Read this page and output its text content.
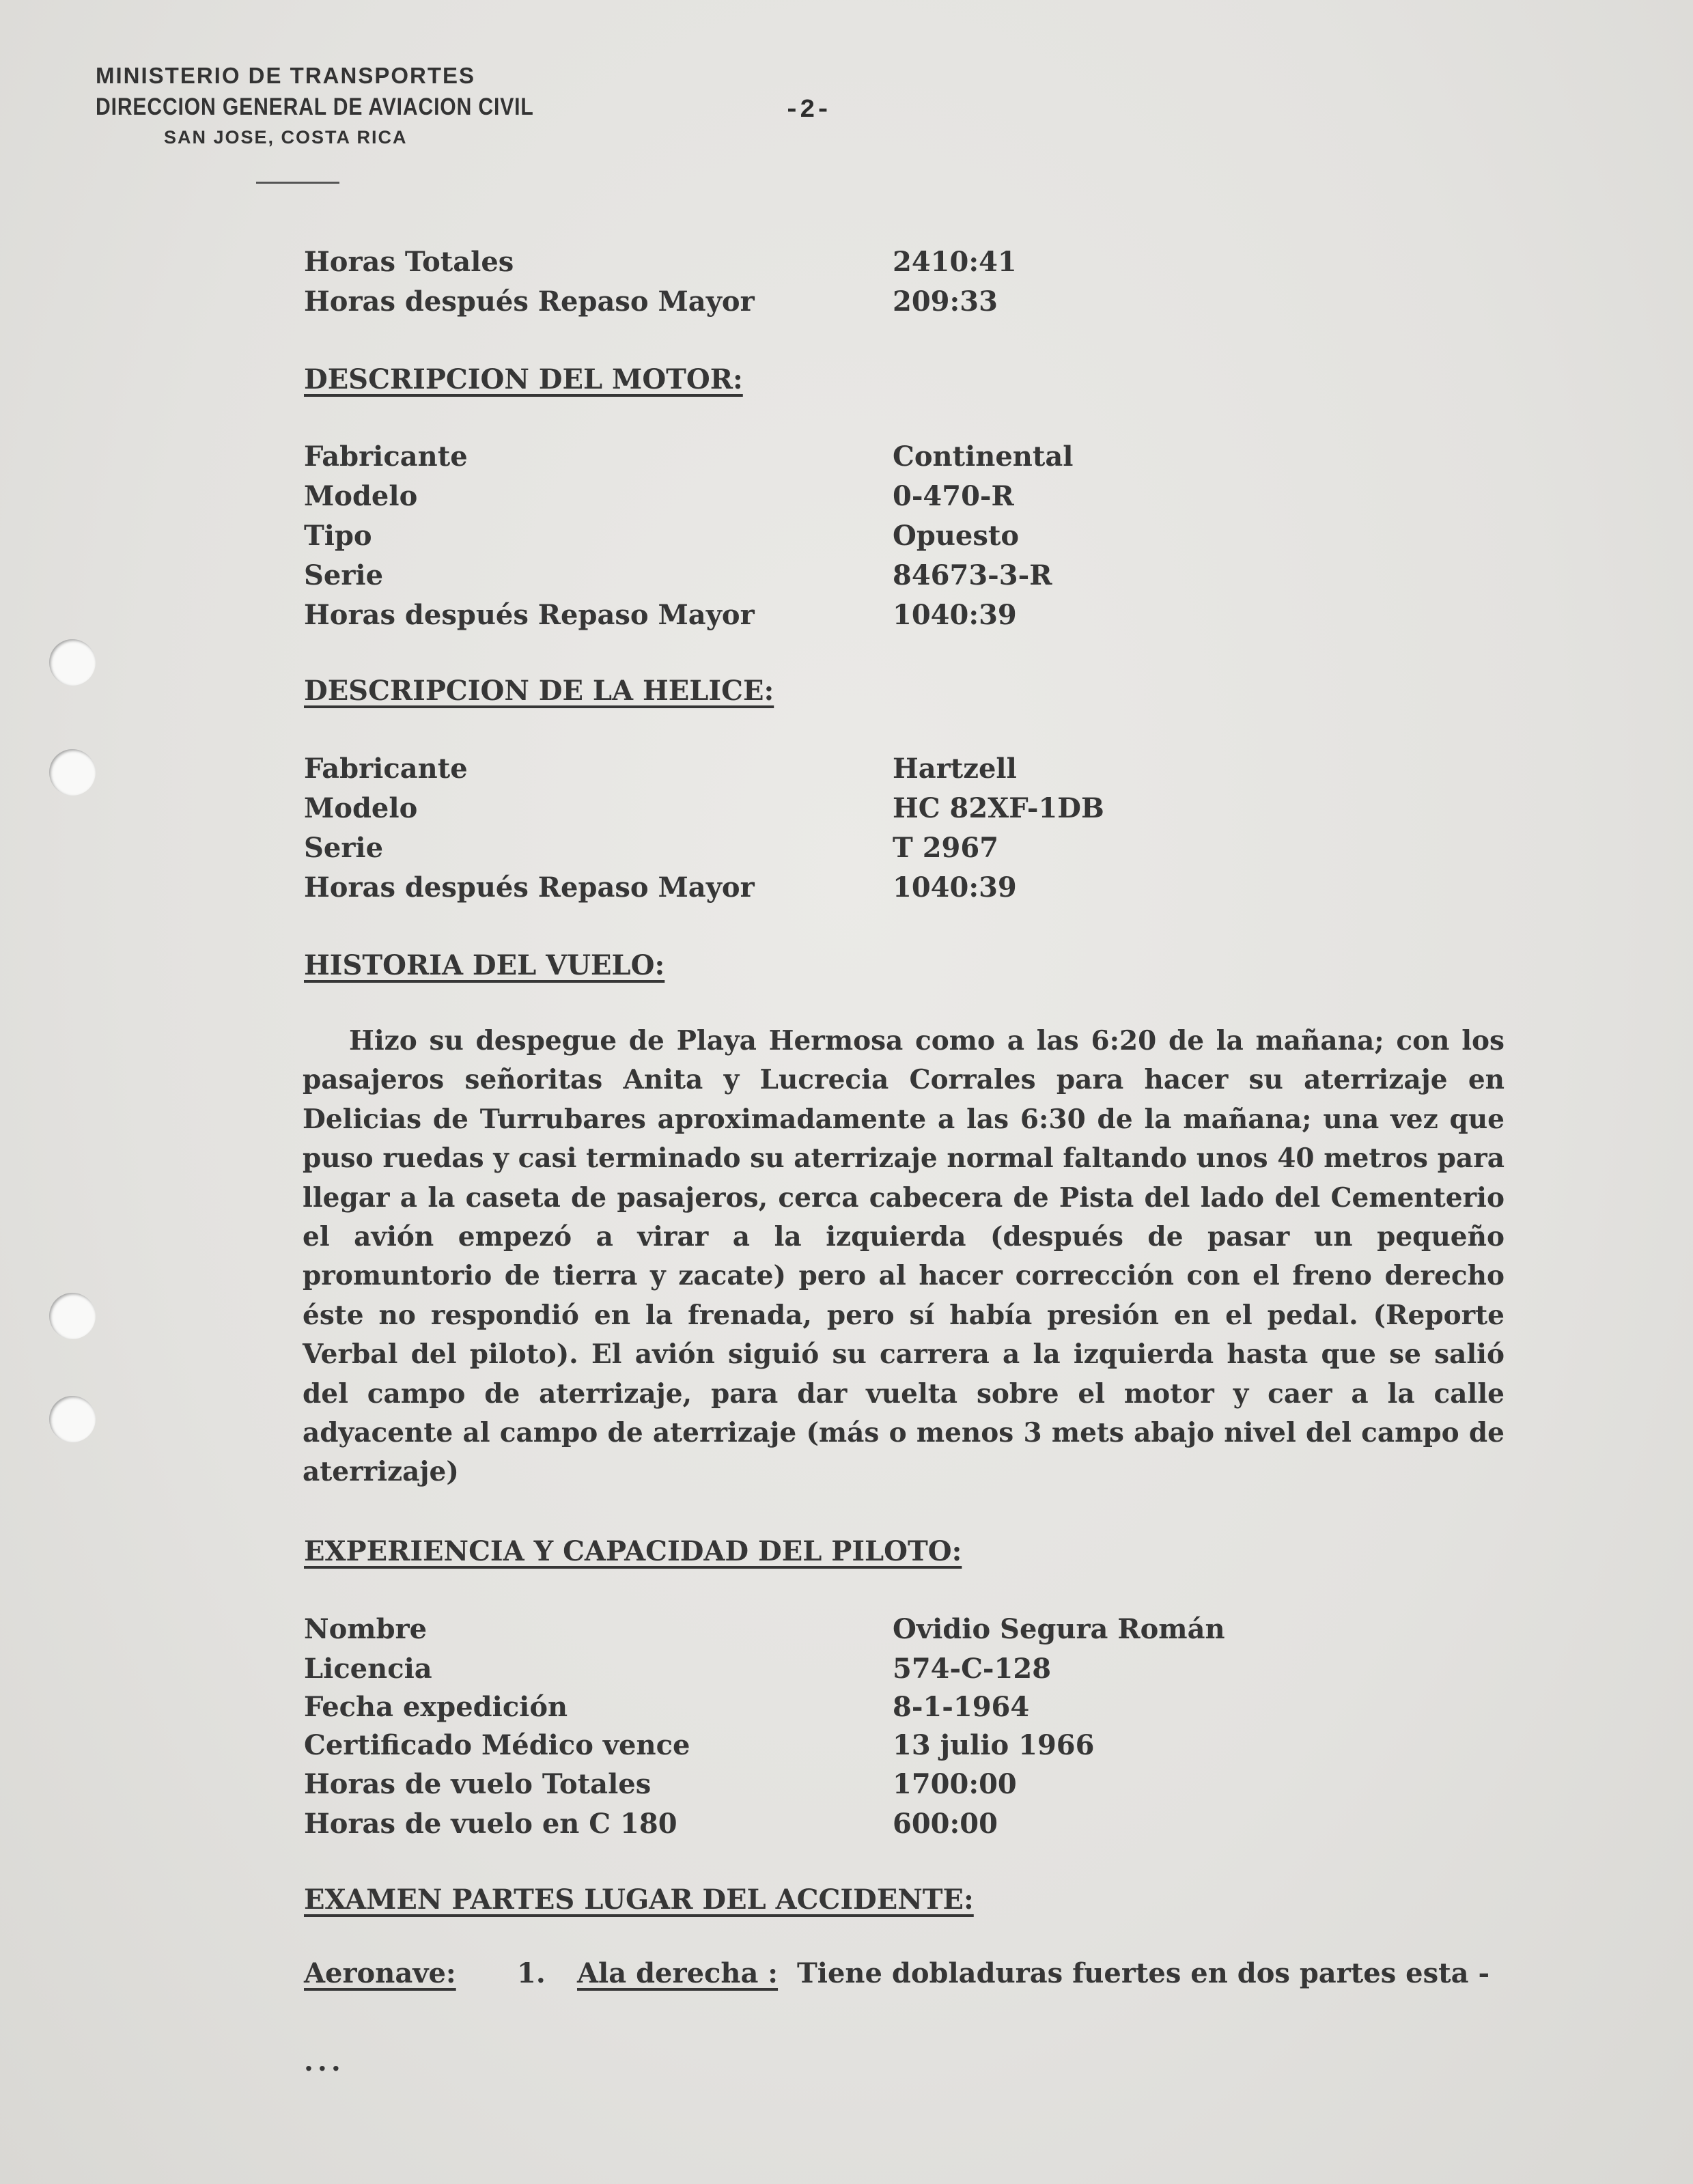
MINISTERIO DE TRANSPORTES
DIRECCION GENERAL DE AVIACION CIVIL
SAN JOSE, COSTA RICA
-2-
Horas Totales	2410:41
Horas después Repaso Mayor	209:33
DESCRIPCION DEL MOTOR:
Fabricante	Continental
Modelo	0-470-R
Tipo	Opuesto
Serie	84673-3-R
Horas después Repaso Mayor	1040:39
DESCRIPCION DE LA HELICE:
Fabricante	Hartzell
Modelo	HC 82XF-1DB
Serie	T 2967
Horas después Repaso Mayor	1040:39
HISTORIA DEL VUELO:
Hizo su despegue de Playa Hermosa como a las 6:20 de la mañana; con los pasajeros señoritas Anita y Lucrecia Corrales para hacer su aterrizaje en Delicias de Turrubares aproximadamente a las 6:30 de la mañana; una vez que puso ruedas y casi terminado su aterrizaje normal faltando unos 40 metros para llegar a la caseta de pasajeros, cerca cabecera de Pista del lado del Cementerio el avión empezó a virar a la izquierda (después de pasar un pequeño promuntorio de tierra y zacate) pero al hacer corrección con el freno derecho éste no respondió en la frenada, pero sí había presión en el pedal. (Reporte Verbal del piloto). El avión siguió su carrera a la izquierda hasta que se salió del campo de aterrizaje, para dar vuelta sobre el motor y caer a la calle adyacente al campo de aterrizaje (más o menos 3 mets abajo nivel del campo de aterrizaje)
EXPERIENCIA Y CAPACIDAD DEL PILOTO:
Nombre	Ovidio Segura Román
Licencia	574-C-128
Fecha expedición	8-1-1964
Certificado Médico vence	13 julio 1966
Horas de vuelo Totales	1700:00
Horas de vuelo en C 180	600:00
EXAMEN PARTES LUGAR DEL ACCIDENTE:
Aeronave: 1. Ala derecha : Tiene dobladuras fuertes en dos partes esta -
...
